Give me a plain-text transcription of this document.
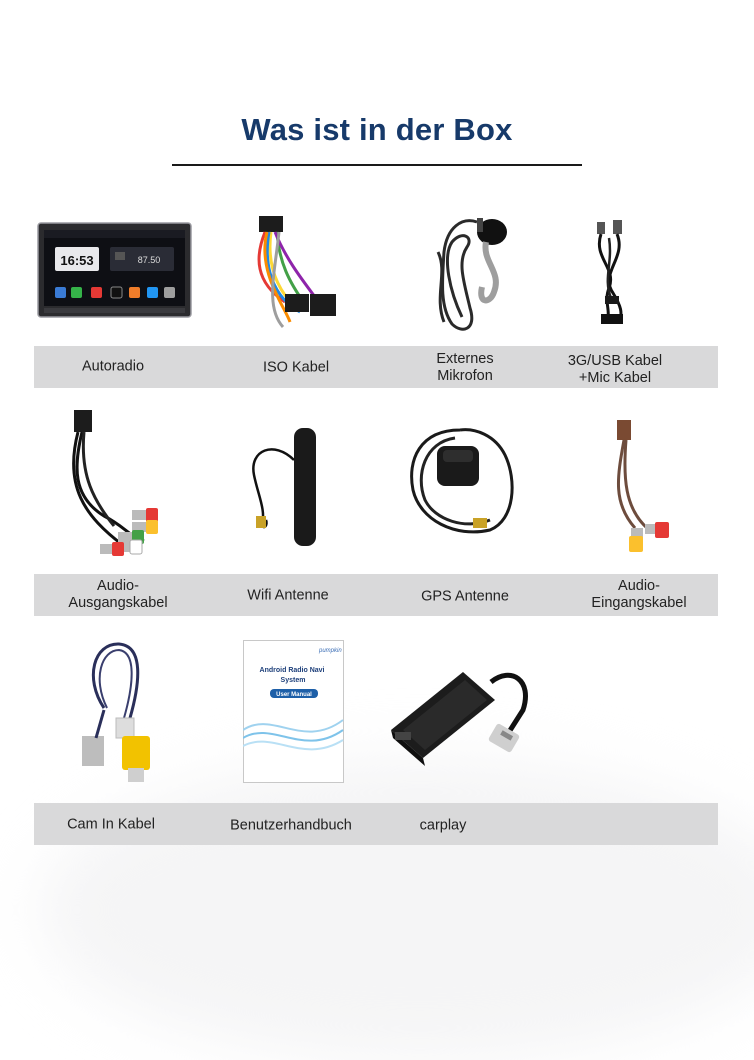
Was ist in der Box
Autoradio	ISO Kabel
Externes
Mikrofon
3G/USB Kabel
+Mic Kabel
Audio-
Ausgangskabel	Wifi Antenne	GPS Antenne
Audio-
Eingangskabel
Cam In Kabel	Benutzerhandbuch	carplay
16:53	87.50
pumpkin
Android Radio Navi System
User Manual
